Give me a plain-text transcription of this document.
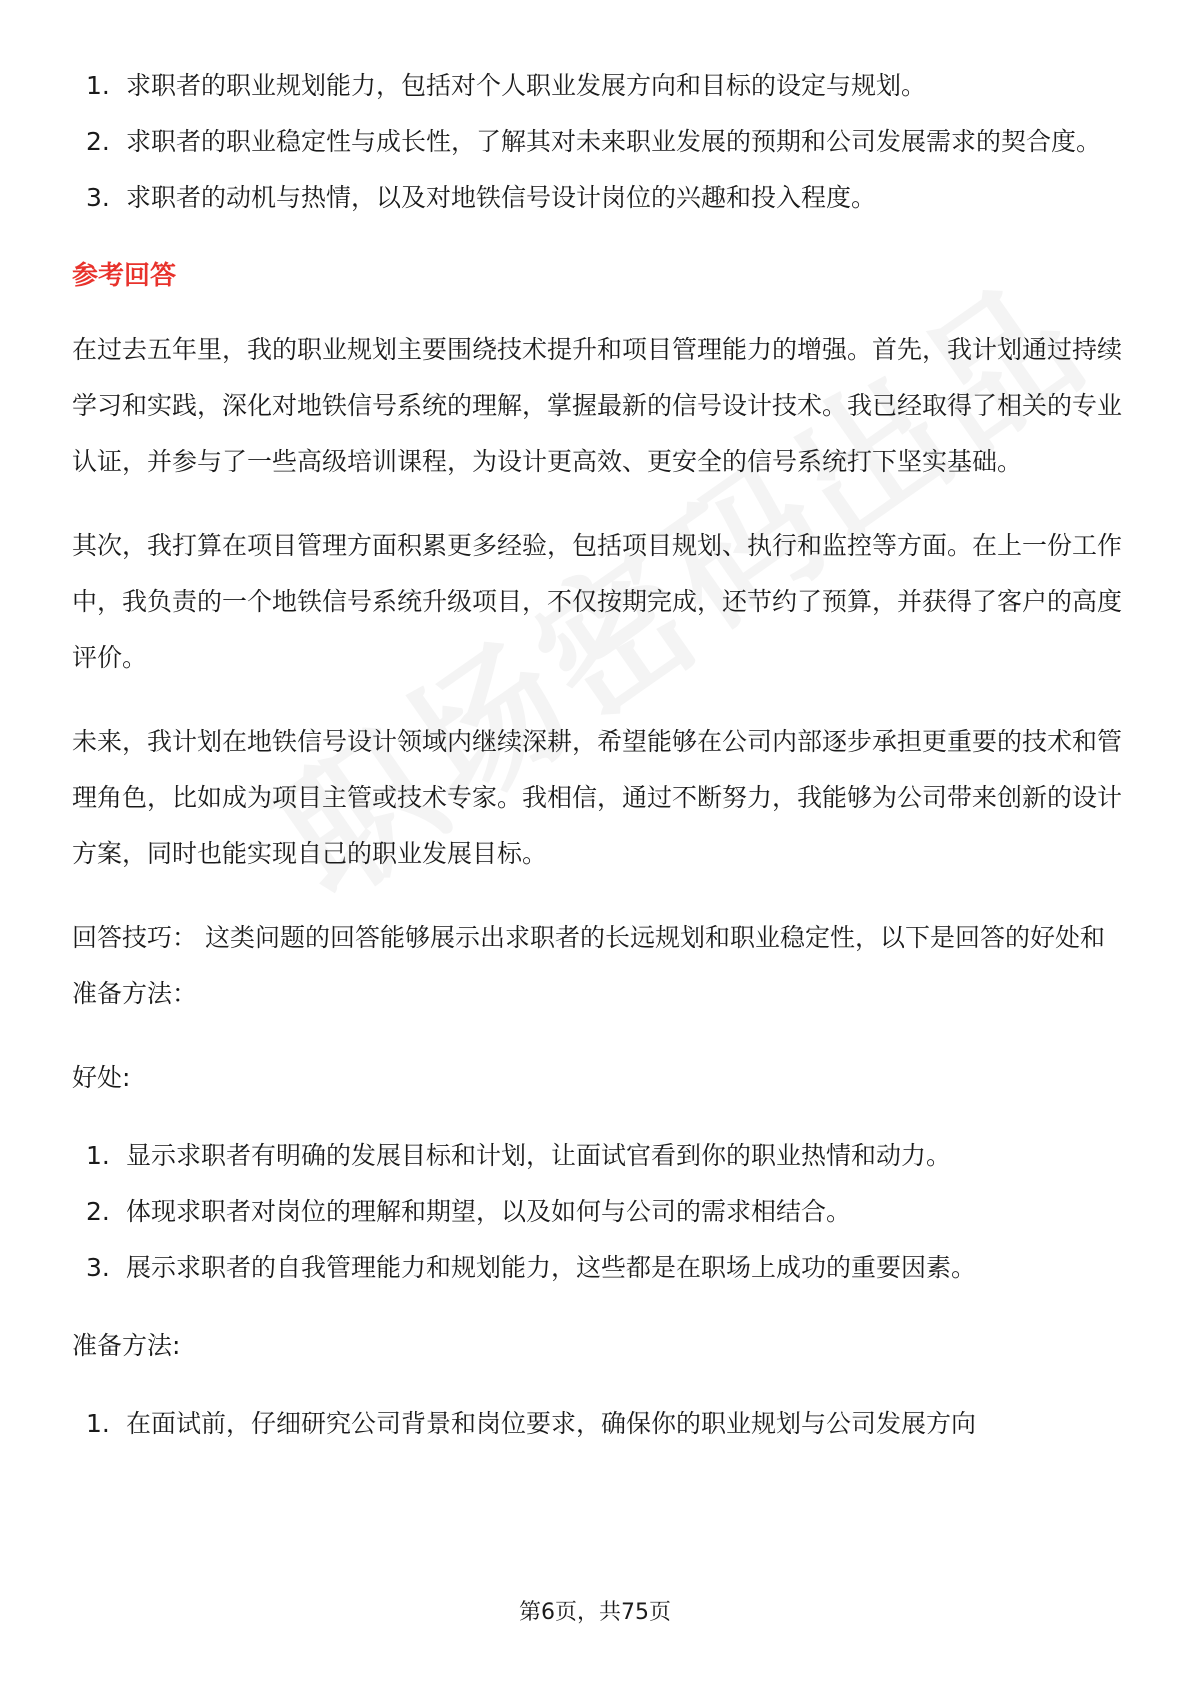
1. 求职者的职业规划能力，包括对个人职业发展方向和目标的设定与规划。
2. 求职者的职业稳定性与成长性，了解其对未来职业发展的预期和公司发展需求的契合度。
3. 求职者的动机与热情，以及对地铁信号设计岗位的兴趣和投入程度。

参考回答

在过去五年里，我的职业规划主要围绕技术提升和项目管理能力的增强。首先，我计划通过持续学习和实践，深化对地铁信号系统的理解，掌握最新的信号设计技术。我已经取得了相关的专业认证，并参与了一些高级培训课程，为设计更高效、更安全的信号系统打下坚实基础。

其次，我打算在项目管理方面积累更多经验，包括项目规划、执行和监控等方面。在上一份工作中，我负责的一个地铁信号系统升级项目，不仅按期完成，还节约了预算，并获得了客户的高度评价。

未来，我计划在地铁信号设计领域内继续深耕，希望能够在公司内部逐步承担更重要的技术和管理角色，比如成为项目主管或技术专家。我相信，通过不断努力，我能够为公司带来创新的设计方案，同时也能实现自己的职业发展目标。

回答技巧： 这类问题的回答能够展示出求职者的长远规划和职业稳定性，以下是回答的好处和准备方法：

好处:

1. 显示求职者有明确的发展目标和计划，让面试官看到你的职业热情和动力。
2. 体现求职者对岗位的理解和期望，以及如何与公司的需求相结合。
3. 展示求职者的自我管理能力和规划能力，这些都是在职场上成功的重要因素。

准备方法:

1. 在面试前，仔细研究公司背景和岗位要求，确保你的职业规划与公司发展方向
第6页，共75页
